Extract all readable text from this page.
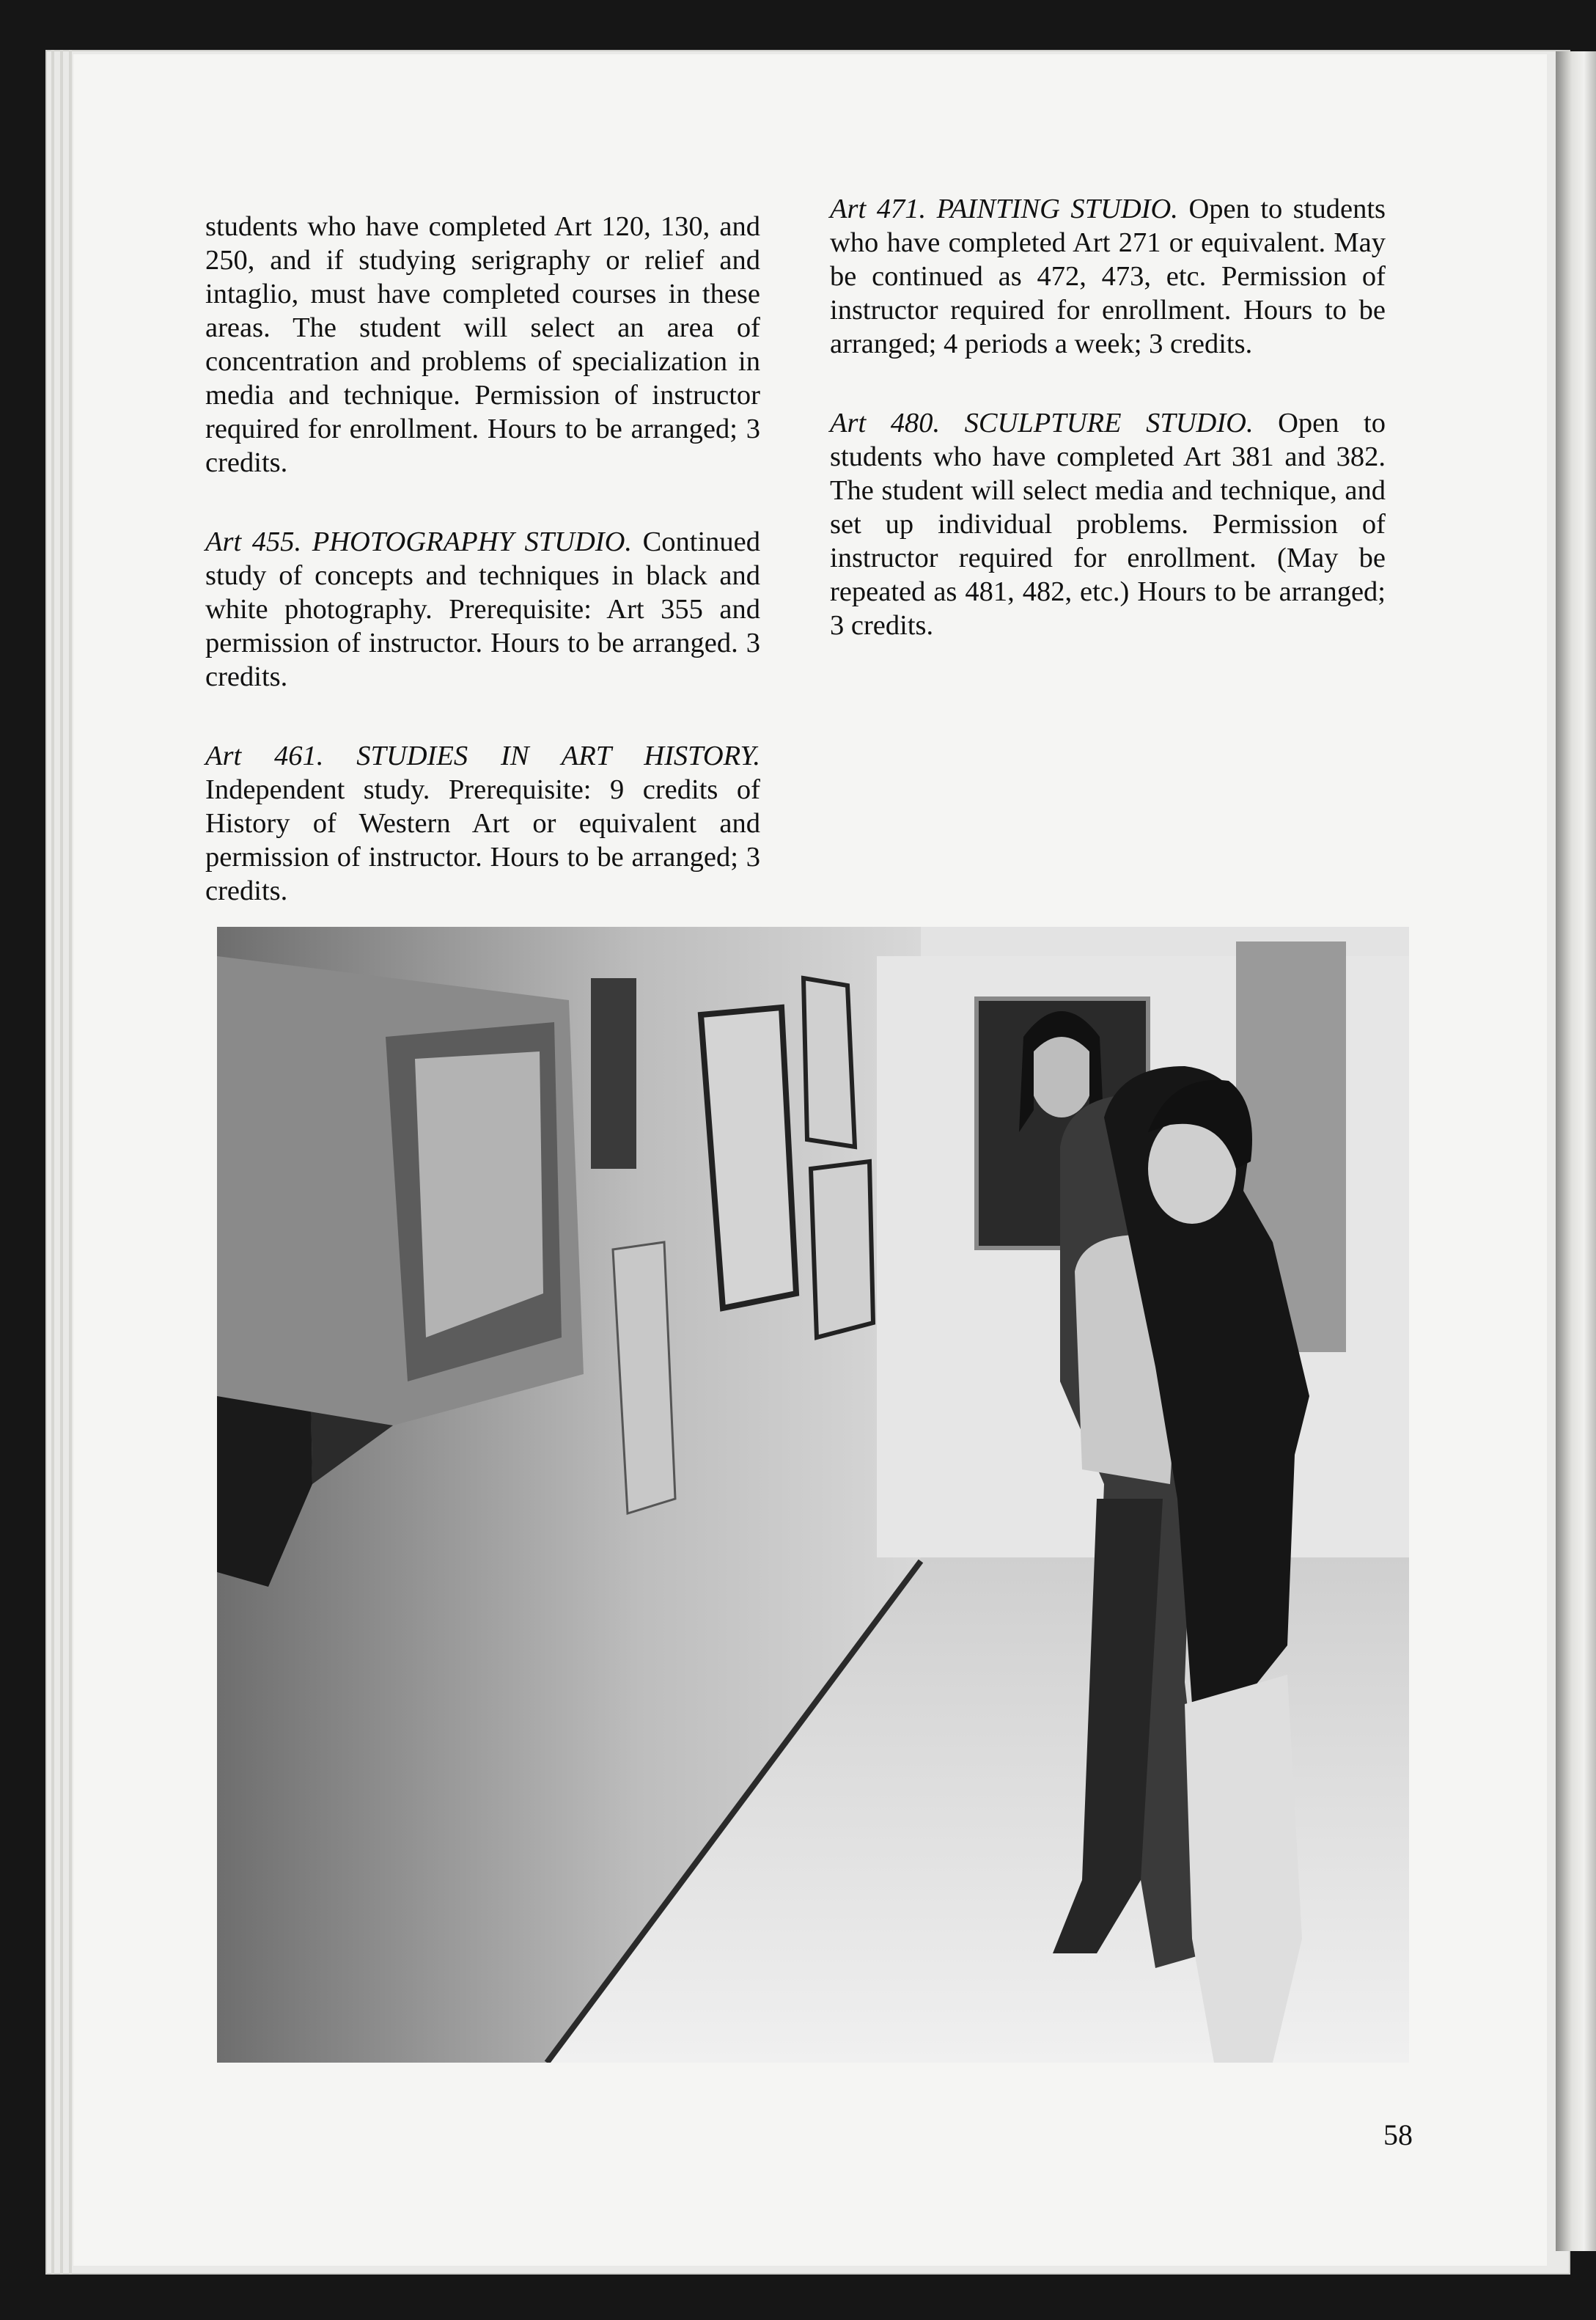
students who have completed Art 120, 130, and 250, and if studying serigraphy or relief and intaglio, must have completed courses in these areas. The student will select an area of concentration and problems of specialization in media and technique. Permission of instructor required for enrollment. Hours to be arranged; 3 credits.

Art 455. PHOTOGRAPHY STUDIO. Continued study of concepts and techniques in black and white photography. Prerequisite: Art 355 and permission of instructor. Hours to be arranged. 3 credits.

Art 461. STUDIES IN ART HISTORY. Independent study. Prerequisite: 9 credits of History of Western Art or equivalent and permission of instructor. Hours to be arranged; 3 credits.

Art 471. PAINTING STUDIO. Open to students who have completed Art 271 or equivalent. May be continued as 472, 473, etc. Permission of instructor required for enrollment. Hours to be arranged; 4 periods a week; 3 credits.

Art 480. SCULPTURE STUDIO. Open to students who have completed Art 381 and 382. The student will select media and technique, and set up individual problems. Permission of instructor required for enrollment. (May be repeated as 481, 482, etc.) Hours to be arranged; 3 credits.

58
